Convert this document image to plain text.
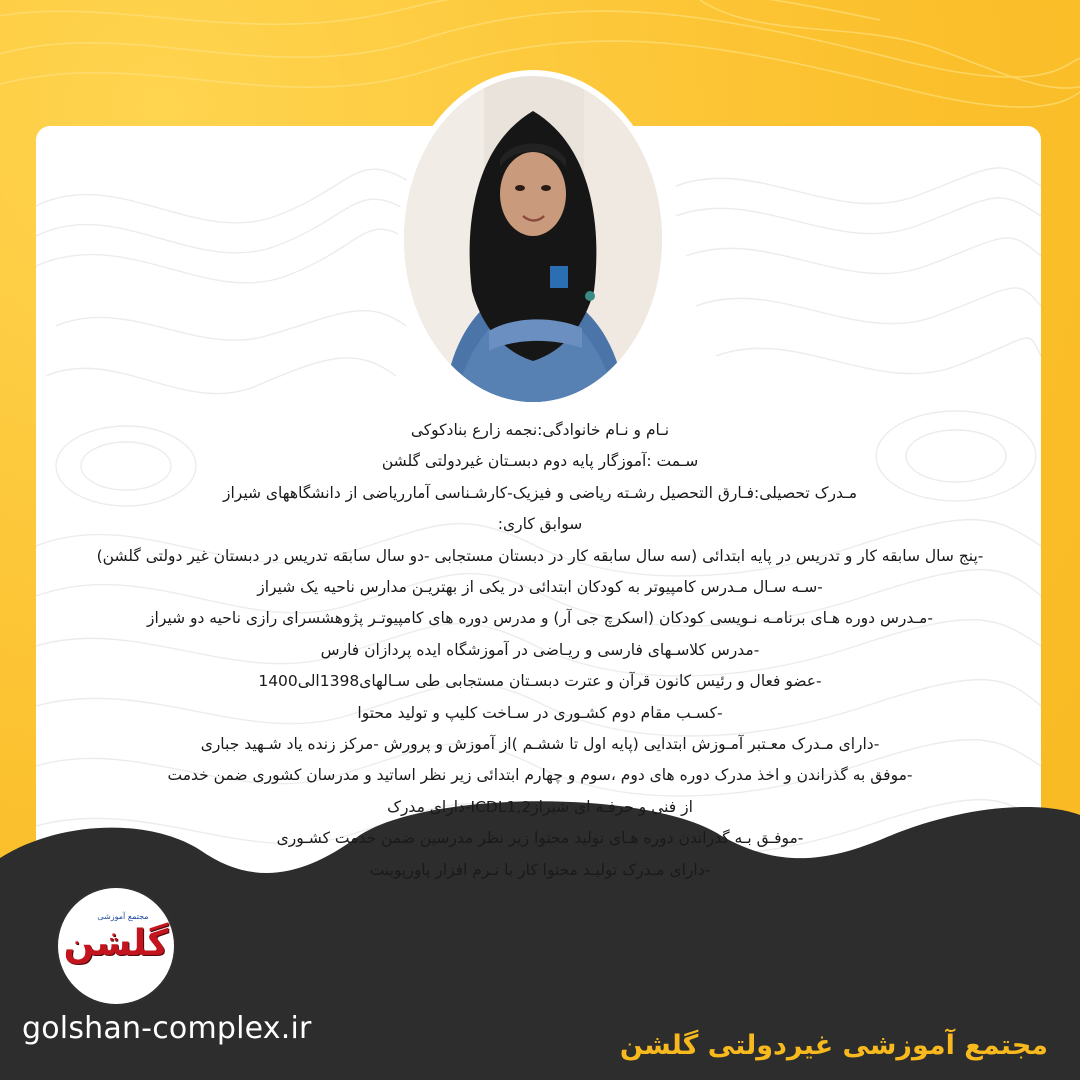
نـام و نـام خانوادگی:نجمه زارع بنادکوکی
سـمت :آموزگار پایه دوم دبسـتان غیردولتی گلشن
مـدرک تحصیلی:فـارق التحصیل رشـته ریاضی و فیزیک-کارشـناسی آمارریاضی از دانشگاههای شیراز
سوابق کاری:
-پنج سال سابقه کار و تدریس در پایه ابتدائی (سه سال سابقه کار در دبستان مستجابی -دو سال سابقه تدریس در دبستان غیر دولتی گلشن)
-سـه سـال مـدرس کامپیوتر به کودکان ابتدائی در یکی از بهتریـن مدارس ناحیه یک شیراز
-مـدرس دوره هـای برنامـه نـویسی کودکان (اسکرچ جی آر) و مدرس دوره های کامپیوتـر پژوهشسرای رازی ناحیه دو شیراز
-مدرس کلاسـهای فارسی و ریـاضی در آموزشگاه ایده پردازان فارس
-عضو فعال و رئیس کانون قرآن و عترت دبسـتان مستجابی طی سـالهای1398الی1400
-کسـب مقام دوم کشـوری در سـاخت کلیپ و تولید محتوا
-دارای مـدرک معـتبر آمـوزش ابتدایی (پایه اول تا ششـم )از آموزش و پرورش -مرکز زنده یاد شـهید جباری
-موفق به گذراندن و اخذ مدرک دوره های دوم ،سوم و چهارم ابتدائی زیر نظر اساتید و مدرسان کشوری ضمن خدمت
از فنی و حرفـه ای شیرازICDL1,2-دارای مدرک
-موفـق بـه گذراندن دوره هـای تولید محتوا زیر نظر مدرسین ضمن خدمت کشـوری
-دارای مـدرک تولیـد محتوا کار با نـرم افزار پاورپوینت
مجتمع آموزشی
گلشن
golshan-complex.ir	مجتمع آموزشی غیردولتی گلشن
